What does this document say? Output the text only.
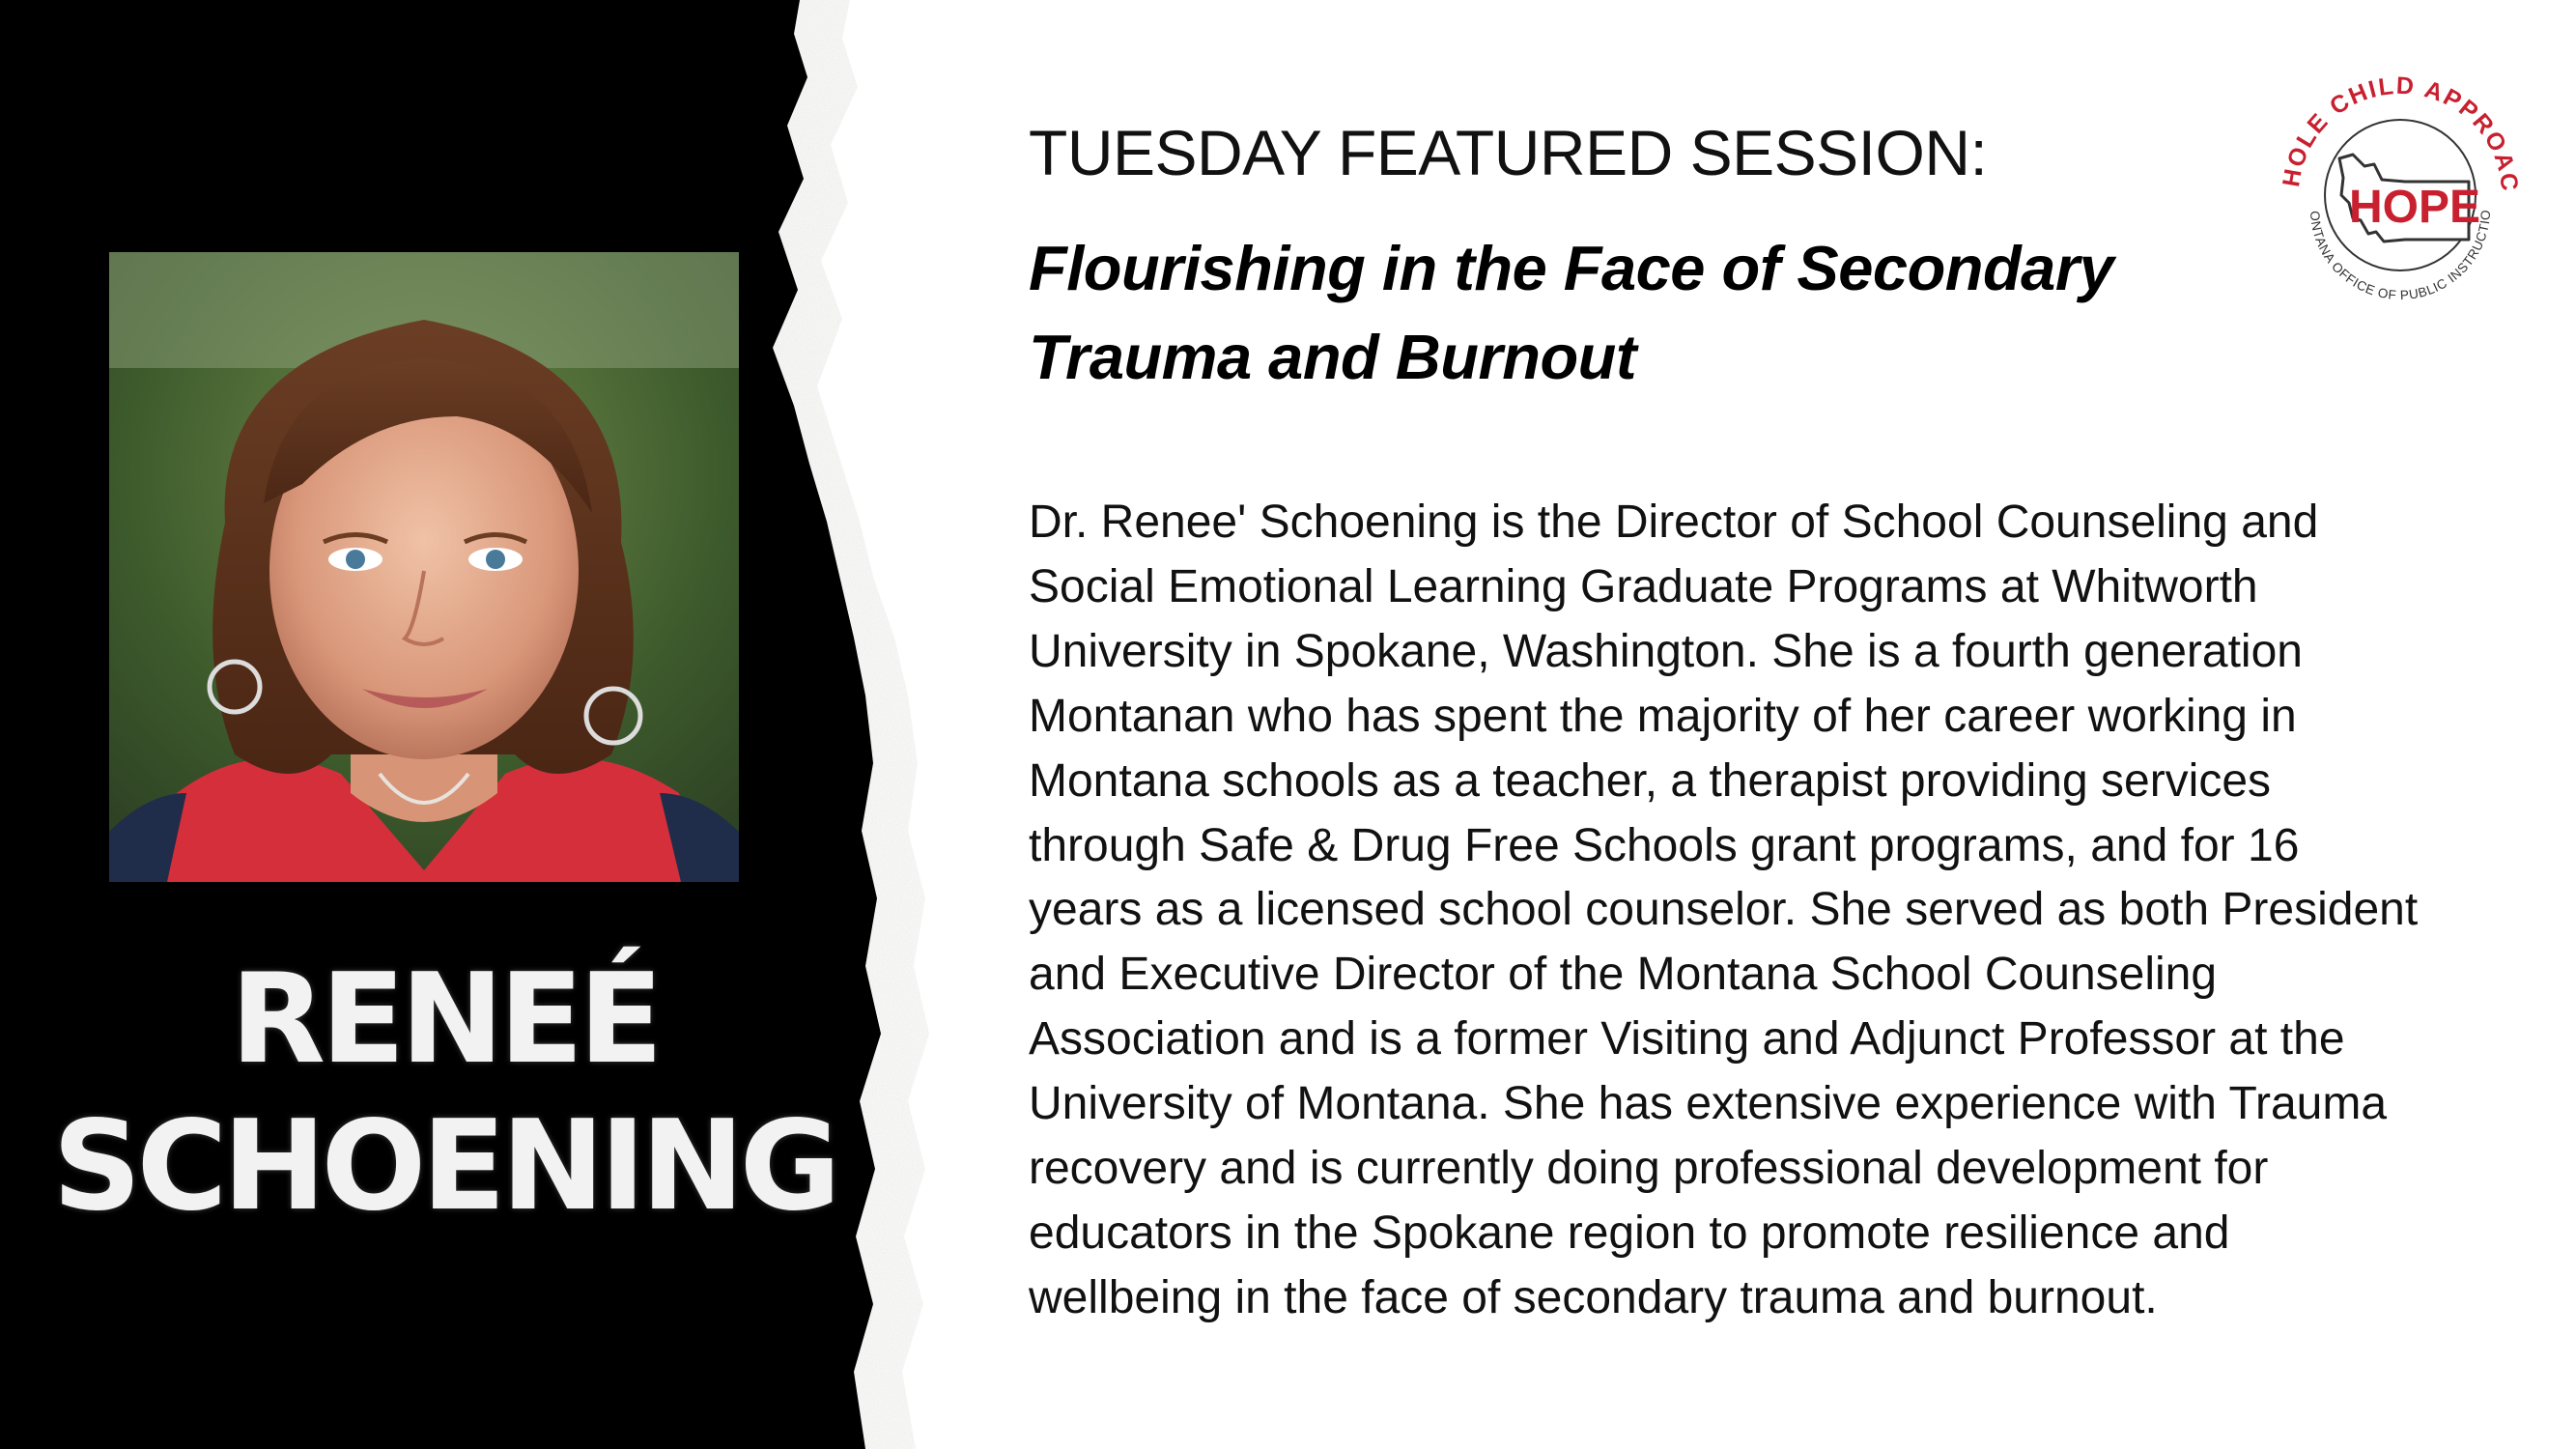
RENEÉ
SCHOENING
TUESDAY FEATURED SESSION:
Flourishing in the Face of Secondary
Trauma and Burnout
Dr. Renee' Schoening is the Director of School Counseling and
Social Emotional Learning Graduate Programs at Whitworth
University in Spokane, Washington. She is a fourth generation
Montanan who has spent the majority of her career working in
Montana schools as a teacher, a therapist providing services
through Safe & Drug Free Schools grant programs, and for 16
years as a licensed school counselor. She served as both President
and Executive Director of the Montana School Counseling
Association and is a former Visiting and Adjunct Professor at the
University of Montana. She has extensive experience with Trauma
recovery and is currently doing professional development for
educators in the Spokane region to promote resilience and
wellbeing in the face of secondary trauma and burnout.
HOLE CHILD APPROAC
ONTANA OFFICE OF PUBLIC INSTRUCTIO
HOPE
